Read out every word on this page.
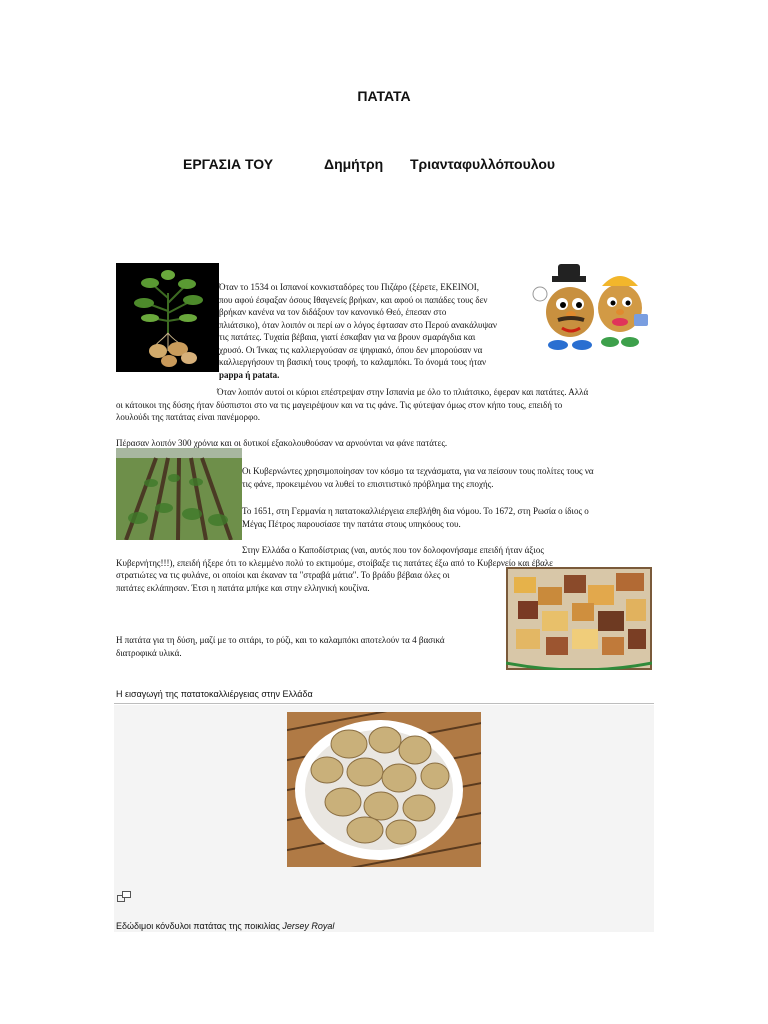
ΠΑΤΑΤΑ
ΕΡΓΑΣΙΑ ΤΟΥ	Δημήτρη Τριανταφυλλόπουλου
Όταν το 1534 οι Ισπανοί κονκισταδόρες του Πιζάρο (ξέρετε, ΕΚΕΙΝΟΙ,
που αφού έσφαξαν όσους Ιθαγενείς βρήκαν, και αφού οι παπάδες τους δεν
βρήκαν κανένα να τον διδάξουν τον κανονικό Θεό, έπεσαν στο
πλιάτσικο), όταν λοιπόν οι περί ων ο λόγος έφτασαν στο Περού ανακάλυψαν
τις πατάτες. Τυχαία βέβαια, γιατί έσκαβαν για να βρουν σμαράγδια και
χρυσό. Οι Ίνκας τις καλλιεργούσαν σε ψηφιακό, όπου δεν μπορούσαν να
καλλιεργήσουν τη βασική τους τροφή, το καλαμπόκι. Το όνομά τους ήταν
pappa ή patata.
Όταν λοιπόν αυτοί οι κύριοι επέστρεψαν στην Ισπανία με όλο το πλιάτσικο, έφεραν και πατάτες. Αλλά
οι κάτοικοι της δύσης ήταν δύσπιστοι στο να τις μαγειρέψουν και να τις φάνε. Τις φύτεψαν όμως στον κήπο τους, επειδή το
λουλούδι της πατάτας είναι πανέμορφο.
Πέρασαν λοιπόν 300 χρόνια και οι δυτικοί εξακολουθούσαν να αρνούνται να φάνε πατάτες.
Οι Κυβερνώντες χρησιμοποίησαν τον κόσμο τα τεχνάσματα, για να πείσουν τους πολίτες τους να
τις φάνε, προκειμένου να λυθεί το επισιτιστικό πρόβλημα της εποχής.
Το 1651, στη Γερμανία η πατατοκαλλιέργεια επεβλήθη δια νόμου. Το 1672, στη Ρωσία ο ίδιος ο
Μέγας Πέτρος παρουσίασε την πατάτα στους υπηκόους του.
Στην Ελλάδα ο Καποδίστριας (ναι, αυτός που τον δολοφονήσαμε επειδή ήταν άξιος
Κυβερνήτης!!!), επειδή ήξερε ότι το κλεμμένο πολύ το εκτιμούμε, στοίβαξε τις πατάτες έξω από το Κυβερνείο και έβαλε
στρατιώτες να τις φυλάνε, οι οποίοι και έκαναν τα "στραβά μάτια". Το βράδυ βέβαια όλες οι
πατάτες εκλάπησαν. Έτσι η πατάτα μπήκε και στην ελληνική κουζίνα.
Η πατάτα για τη δύση, μαζί με το σιτάρι, το ρύζι, και το καλαμπόκι αποτελούν τα 4 βασικά
διατροφικά υλικά.
Η εισαγωγή της πατατοκαλλιέργειας στην Ελλάδα
Εδώδιμοι κόνδυλοι πατάτας της ποικιλίας Jersey Royal
